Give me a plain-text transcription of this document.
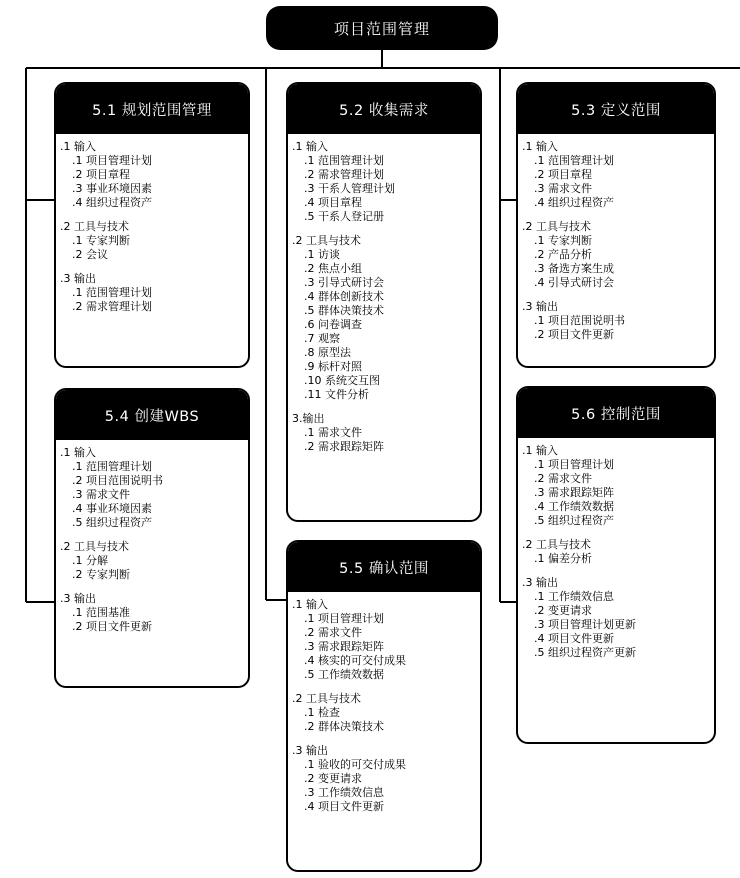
项目范围管理
5.1 规划范围管理
.1 输入
.1 项目管理计划
.2 项目章程
.3 事业环境因素
.4 组织过程资产
.2 工具与技术
.1 专家判断
.2 会议
.3 输出
.1 范围管理计划
.2 需求管理计划
5.2 收集需求
.1 输入
.1 范围管理计划
.2 需求管理计划
.3 干系人管理计划
.4 项目章程
.5 干系人登记册
.2 工具与技术
.1 访谈
.2 焦点小组
.3 引导式研讨会
.4 群体创新技术
.5 群体决策技术
.6 问卷调查
.7 观察
.8 原型法
.9 标杆对照
.10 系统交互图
.11 文件分析
3.输出
.1 需求文件
.2 需求跟踪矩阵
5.3 定义范围
.1 输入
.1 范围管理计划
.2 项目章程
.3 需求文件
.4 组织过程资产
.2 工具与技术
.1 专家判断
.2 产品分析
.3 备选方案生成
.4 引导式研讨会
.3 输出
.1 项目范围说明书
.2 项目文件更新
5.4 创建WBS
.1 输入
.1 范围管理计划
.2 项目范围说明书
.3 需求文件
.4 事业环境因素
.5 组织过程资产
.2 工具与技术
.1 分解
.2 专家判断
.3 输出
.1 范围基准
.2 项目文件更新
5.5 确认范围
.1 输入
.1 项目管理计划
.2 需求文件
.3 需求跟踪矩阵
.4 核实的可交付成果
.5 工作绩效数据
.2 工具与技术
.1 检查
.2 群体决策技术
.3 输出
.1 验收的可交付成果
.2 变更请求
.3 工作绩效信息
.4 项目文件更新
5.6 控制范围
.1 输入
.1 项目管理计划
.2 需求文件
.3 需求跟踪矩阵
.4 工作绩效数据
.5 组织过程资产
.2 工具与技术
.1 偏差分析
.3 输出
.1 工作绩效信息
.2 变更请求
.3 项目管理计划更新
.4 项目文件更新
.5 组织过程资产更新
